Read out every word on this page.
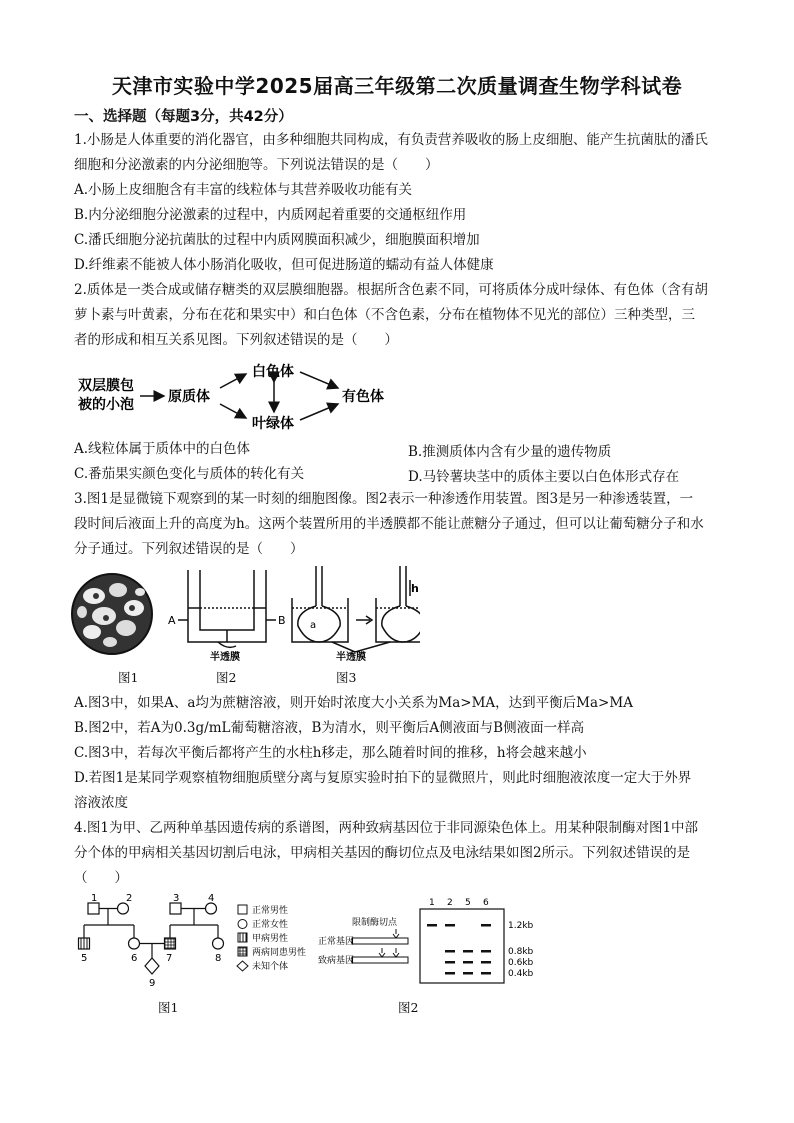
天津市实验中学2025届高三年级第二次质量调查生物学科试卷
一、选择题（每题3分，共42分）
1.小肠是人体重要的消化器官，由多种细胞共同构成，有负责营养吸收的肠上皮细胞、能产生抗菌肽的潘氏
细胞和分泌激素的内分泌细胞等。下列说法错误的是（　　）
A.小肠上皮细胞含有丰富的线粒体与其营养吸收功能有关
B.内分泌细胞分泌激素的过程中，内质网起着重要的交通枢纽作用
C.潘氏细胞分泌抗菌肽的过程中内质网膜面积减少，细胞膜面积增加
D.纤维素不能被人体小肠消化吸收，但可促进肠道的蠕动有益人体健康
2.质体是一类合成或储存糖类的双层膜细胞器。根据所含色素不同，可将质体分成叶绿体、有色体（含有胡
萝卜素与叶黄素，分布在花和果实中）和白色体（不含色素，分布在植物体不见光的部位）三种类型，三
者的形成和相互关系见图。下列叙述错误的是（　　）
双层膜包
被的小泡 原质体
白色体
叶绿体
有色体
A.线粒体属于质体中的白色体	B.推测质体内含有少量的遗传物质
C.番茄果实颜色变化与质体的转化有关	D.马铃薯块茎中的质体主要以白色体形式存在
3.图1是显微镜下观察到的某一时刻的细胞图像。图2表示一种渗透作用装置。图3是另一种渗透装置，一
段时间后液面上升的高度为h。这两个装置所用的半透膜都不能让蔗糖分子通过，但可以让葡萄糖分子和水
分子通过。下列叙述错误的是（　　）
A	B
半透膜
a
h
半透膜
图1	图2	图3
A.图3中，如果A、a均为蔗糖溶液，则开始时浓度大小关系为Ma>MA，达到平衡后Ma>MA
B.图2中，若A为0.3g/mL葡萄糖溶液，B为清水，则平衡后A侧液面与B侧液面一样高
C.图3中，若每次平衡后都将产生的水柱h移走，那么随着时间的推移，h将会越来越小
D.若图1是某同学观察植物细胞质壁分离与复原实验时拍下的显微照片，则此时细胞液浓度一定大于外界
溶液浓度
4.图1为甲、乙两种单基因遗传病的系谱图，两种致病基因位于非同源染色体上。用某种限制酶对图1中部
分个体的甲病相关基因切割后电泳，甲病相关基因的酶切位点及电泳结果如图2所示。下列叙述错误的是
（　　）
1	2	3	4
5	6	7	8
9
正常男性
正常女性
甲病男性
两病同患男性
未知个体
限制酶切点
正常基因
致病基因
1 2 5 6
1.2kb
0.8kb
0.6kb
0.4kb
图1	图2
